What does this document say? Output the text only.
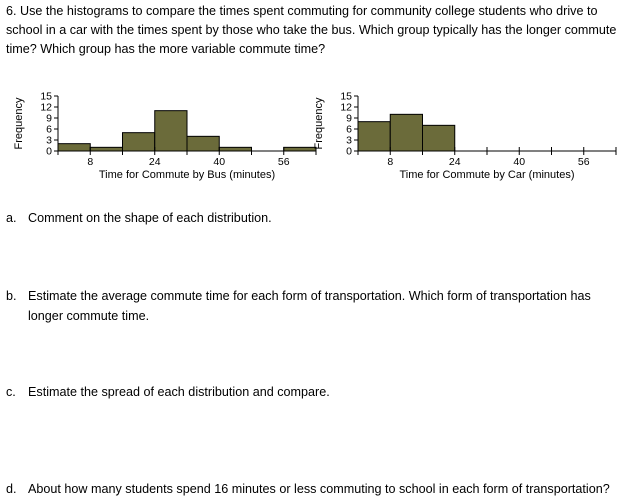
6. Use the histograms to compare the times spent commuting for community college students who drive to school in a car with the times spent by those who take the bus. Which group typically has the longer commute time? Which group has the more variable commute time?
Frequency
0
3
6
9
12
15
8	24	40	56
Time for Commute by Bus (minutes)
Frequency
0
3
6
9
12
15
8	24	40	56
Time for Commute by Car (minutes)
a. Comment on the shape of each distribution.
b. Estimate the average commute time for each form of transportation. Which form of transportation has longer commute time.
c. Estimate the spread of each distribution and compare.
d. About how many students spend 16 minutes or less commuting to school in each form of transportation?
